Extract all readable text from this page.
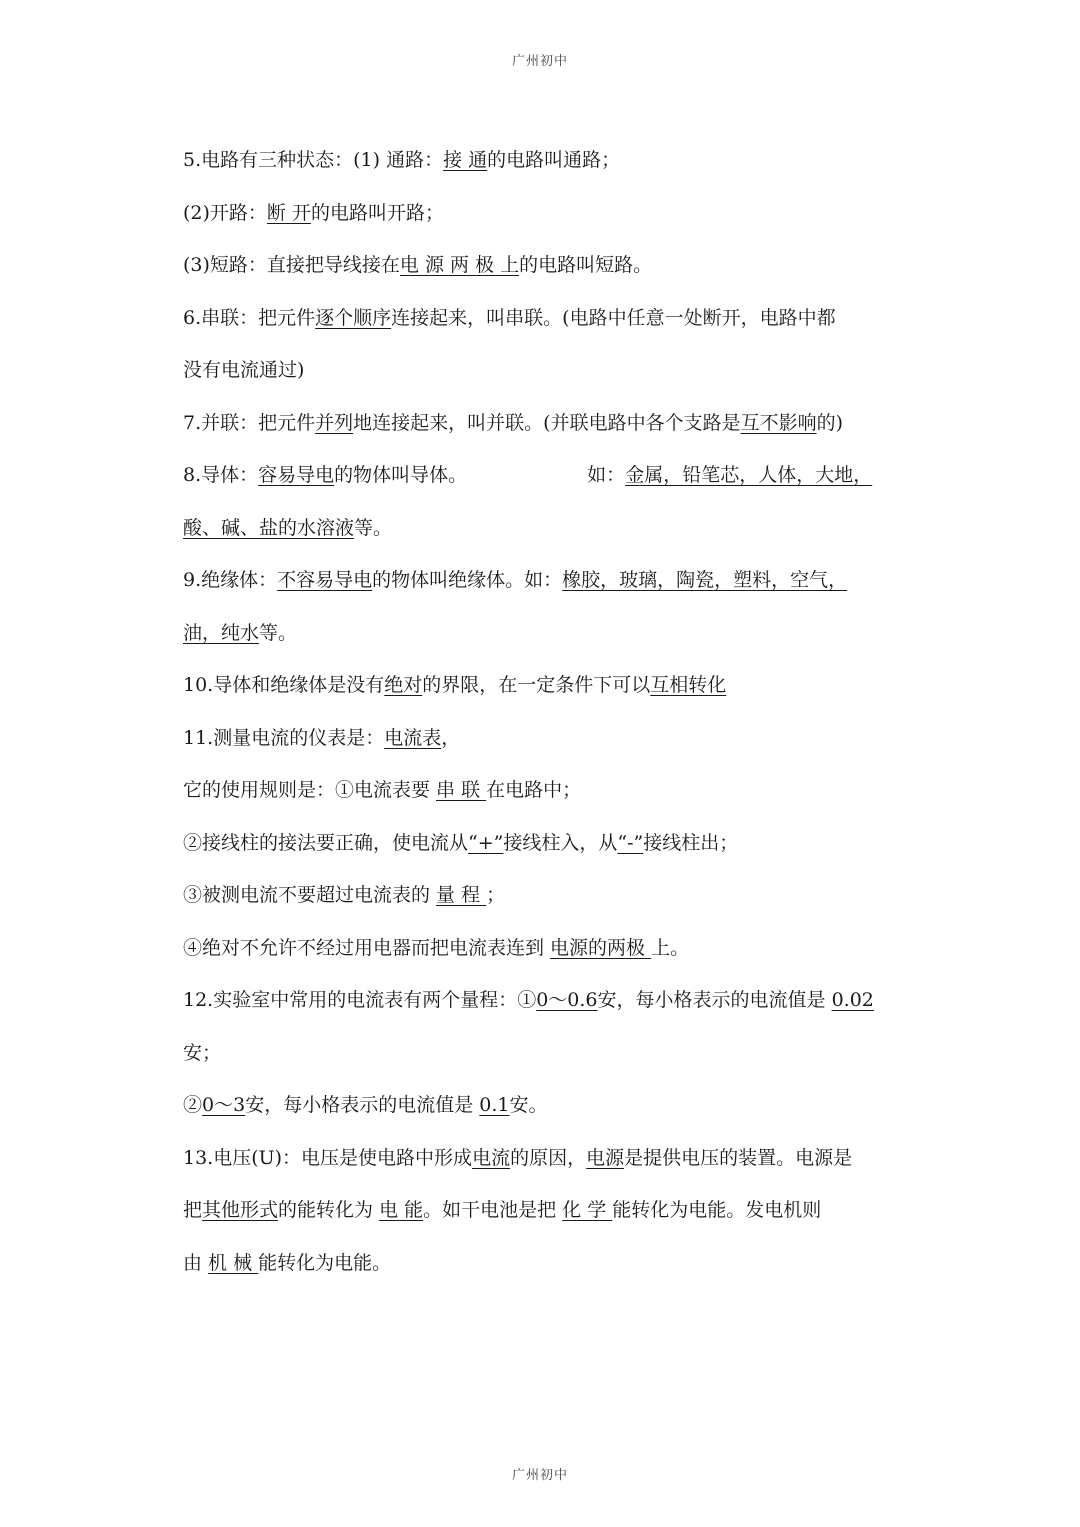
广州初中
5.电路有三种状态：(1) 通路：接 通的电路叫通路；
(2)开路：断 开的电路叫开路；
(3)短路：直接把导线接在电 源 两 极 上的电路叫短路。
6.串联：把元件逐个顺序连接起来，叫串联。(电路中任意一处断开，电路中都
没有电流通过)
7.并联：把元件并列地连接起来，叫并联。(并联电路中各个支路是互不影响的)
8.导体：容易导电的物体叫导体。	如：金属，铅笔芯，人体，大地，
酸、碱、盐的水溶液等。
9.绝缘体：不容易导电的物体叫绝缘体。如：橡胶，玻璃，陶瓷，塑料，空气，
油，纯水等。
10.导体和绝缘体是没有绝对的界限，在一定条件下可以互相转化
11.测量电流的仪表是：电流表，
它的使用规则是：①电流表要 串 联 在电路中；
②接线柱的接法要正确，使电流从“+”接线柱入，从“-”接线柱出；
③被测电流不要超过电流表的 量 程 ；
④绝对不允许不经过用电器而把电流表连到 电源的两极 上。
12.实验室中常用的电流表有两个量程：①0～0.6安，每小格表示的电流值是 0.02
安；
②0～3安，每小格表示的电流值是 0.1安。
13.电压(U)：电压是使电路中形成电流的原因，电源是提供电压的装置。电源是
把其他形式的能转化为 电 能。如干电池是把 化 学 能转化为电能。发电机则
由 机 械 能转化为电能。
广州初中
